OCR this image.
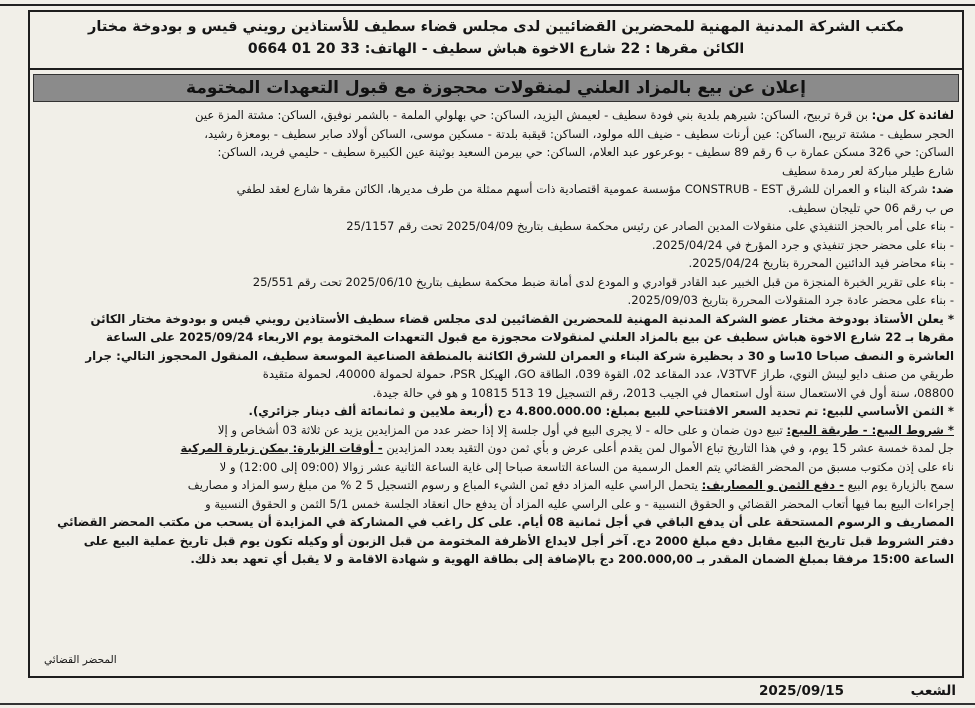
مكتب الشركة المدنية المهنية للمحضرين القضائيين لدى مجلس قضاء سطيف للأستاذين رويني قيس و بودوخة مختار
الكائن مقرها : 22 شارع الاخوة هباش سطيف - الهاتف: 33 20 01 0664
إعلان عن بيع بالمزاد العلني لمنقولات محجوزة مع قبول التعهدات المختومة

لفائدة كل من: بن قرة تربيح، الساكن: شيرهم بلدية بني فودة سطيف - لعيمش اليزيد، الساكن: حي بهلولي الملمة - بالشمر نوفيق، الساكن: مشتة المزة عين

الحجر سطيف - مشتة تربيح، الساكن: عين أرنات سطيف - ضيف الله مولود، الساكن: قيقبة بلدتة - مسكين موسى، الساكن أولاد صابر سطيف - بومعزة رشيد،

الساكن: حي 326 مسكن عمارة ب 6 رقم 89 سطيف - بوعرعور عبد العلام، الساكن: حي بيرمن السعيد بوثينة عين الكبيرة سطيف - حليمي فريد، الساكن:

شارع طيلر مباركة لعر رمدة سطيف

ضد: شركة البناء و العمران للشرق CONSTRUB - EST مؤسسة عمومية اقتصادية ذات أسهم ممثلة من طرف مديرها، الكائن مقرها شارع لعقد لطفي

ص ب رقم 06 حي تليجان سطيف.

- بناء على أمر بالحجز التنفيذي على منقولات المدين الصادر عن رئيس محكمة سطيف بتاريخ 2025/04/09 تحت رقم 25/1157

- بناء على محضر حجز تنفيذي و جرد المؤرخ في 2025/04/24.

- بناء محاضر فيد الدائنين المحررة بتاريخ 2025/04/24.

- بناء على تقرير الخبرة المنجزة من قبل الخبير عبد القادر قوادري و المودع لدى أمانة ضبط محكمة سطيف بتاريخ 2025/06/10 تحت رقم 25/551

- بناء على محضر عادة جرد المنقولات المحررة بتاريخ 2025/09/03.

* يعلن الأستاذ بودوخة مختار عضو الشركة المدنية المهنية للمحضرين القضائيين لدى مجلس قضاء سطيف الأستاذين رويني قيس و بودوخة مختار الكائن

مقرها بـ 22 شارع الاخوة هباش سطيف عن بيع بالمزاد العلني لمنقولات محجوزة مع قبول التعهدات المختومة يوم الاربعاء 2025/09/24 على الساعة

العاشرة و النصف صباحا 10سا و 30 د بحظيرة شركة البناء و العمران للشرق الكائنة بالمنطقة الصناعية الموسعة سطيف، المنقول المحجوز التالي: جرار

طريقي من صنف دايو ليبش النوي، طراز V3TVF، عدد المقاعد 02، القوة 039، الطاقة GO، الهيكل PSR، حمولة لحمولة 40000، لحمولة متقيدة

08800، سنة أول في الاستعمال سنة أول استعمال في الجيب 2013، رقم التسجيل 19 513 10815 و هو في حالة جيدة.

* الثمن الأساسي للبيع: تم تحديد السعر الافتتاحي للبيع بمبلغ: 4.800.000.00 دج (أربعة ملايين و ثمانمائة ألف دينار جزائري).

* شروط البيع: - طريقة البيع: تبيع دون ضمان و على حاله - لا يجرى البيع في أول جلسة إلا إذا حضر عدد من المزايدين يزيد عن ثلاثة 03 أشخاص و إلا

جل لمدة خمسة عشر 15 يوم، و في هذا التاريخ تباع الأموال لمن يقدم أعلى عرض و بأي ثمن دون التقيد بعدد المزايدين - أوقات الزيارة: يمكن زيارة المركبة

ناء على إذن مكتوب مسبق من المحضر القضائي يتم العمل الرسمية من الساعة التاسعة صباحا إلى غاية الساعة الثانية عشر زوالا (09:00 إلى 12:00) و لا

سمح بالزيارة يوم البيع - دفع الثمن و المصاريف: يتحمل الراسي عليه المزاد دفع ثمن الشيء المباع و رسوم التسجيل 5 2 % من مبلغ رسو المزاد و مصاريف

إجراءات البيع بما فيها أتعاب المحضر القضائي و الحقوق النسبية - و على الراسي عليه المزاد أن يدفع حال انعقاد الجلسة خمس 5/1 الثمن و الحقوق النسبية و

المصاريف و الرسوم المستحقة على أن يدفع الباقي في أجل ثمانية 08 أيام. على كل راغب في المشاركة في المزايدة أن يسحب من مكتب المحضر القضائي

دفتر الشروط قبل تاريخ البيع مقابل دفع مبلغ 2000 دج. آخر أجل لايداع الأظرفة المختومة من قبل الزبون أو وكيله تكون يوم قبل تاريخ عملية البيع على

الساعة 15:00 مرفقا بمبلغ الضمان المقدر بـ 200.000,00 دج بالإضافة إلى بطاقة الهوية و شهادة الاقامة و لا يقبل أي تعهد بعد ذلك.

المحضر القضائي
الشعب
2025/09/15
